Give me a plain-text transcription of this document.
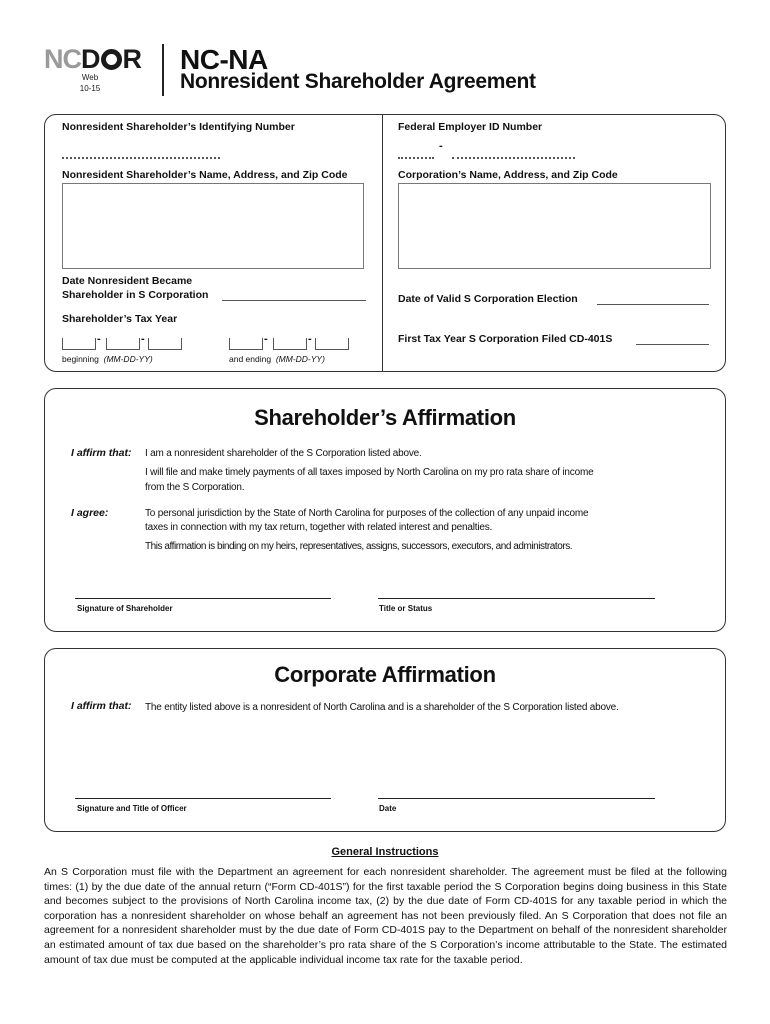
NCD R
Web
10-15
NC-NA
Nonresident Shareholder Agreement
Nonresident Shareholder’s Identifying Number	Federal Employer ID Number
-
Nonresident Shareholder’s Name, Address, and Zip Code	Corporation’s Name, Address, and Zip Code
Date Nonresident Became
Shareholder in S Corporation
Shareholder’s Tax Year
-	-
beginning (MM-DD-YY)
-	-
and ending (MM-DD-YY)
Date of Valid S Corporation Election
First Tax Year S Corporation Filed CD-401S
Shareholder’s Affirmation
I affirm that: I am a nonresident shareholder of the S Corporation listed above.
I will file and make timely payments of all taxes imposed by North Carolina on my pro rata share of income
from the S Corporation.
I agree:	To personal jurisdiction by the State of North Carolina for purposes of the collection of any unpaid income
taxes in connection with my tax return, together with related interest and penalties.
This affirmation is binding on my heirs, representatives, assigns, successors, executors, and administrators.
Signature of Shareholder	Title or Status
Corporate Affirmation
I affirm that: The entity listed above is a nonresident of North Carolina and is a shareholder of the S Corporation listed above.
Signature and Title of Officer	Date
General Instructions
An S Corporation must file with the Department an agreement for each nonresident shareholder. The agreement must be filed at the following times: (1) by the due date of the annual return (“Form CD-401S”) for the first taxable period the S Corporation begins doing business in this State and becomes subject to the provisions of North Carolina income tax, (2) by the due date of Form CD-401S for any taxable period in which the corporation has a nonresident shareholder on whose behalf an agreement has not been previously filed. An S Corporation that does not file an agreement for a nonresident shareholder must by the due date of Form CD-401S pay to the Department on behalf of the nonresident shareholder an estimated amount of tax due based on the shareholder’s pro rata share of the S Corporation’s income attributable to the State. The estimated amount of tax due must be computed at the applicable individual income tax rate for the taxable period.
